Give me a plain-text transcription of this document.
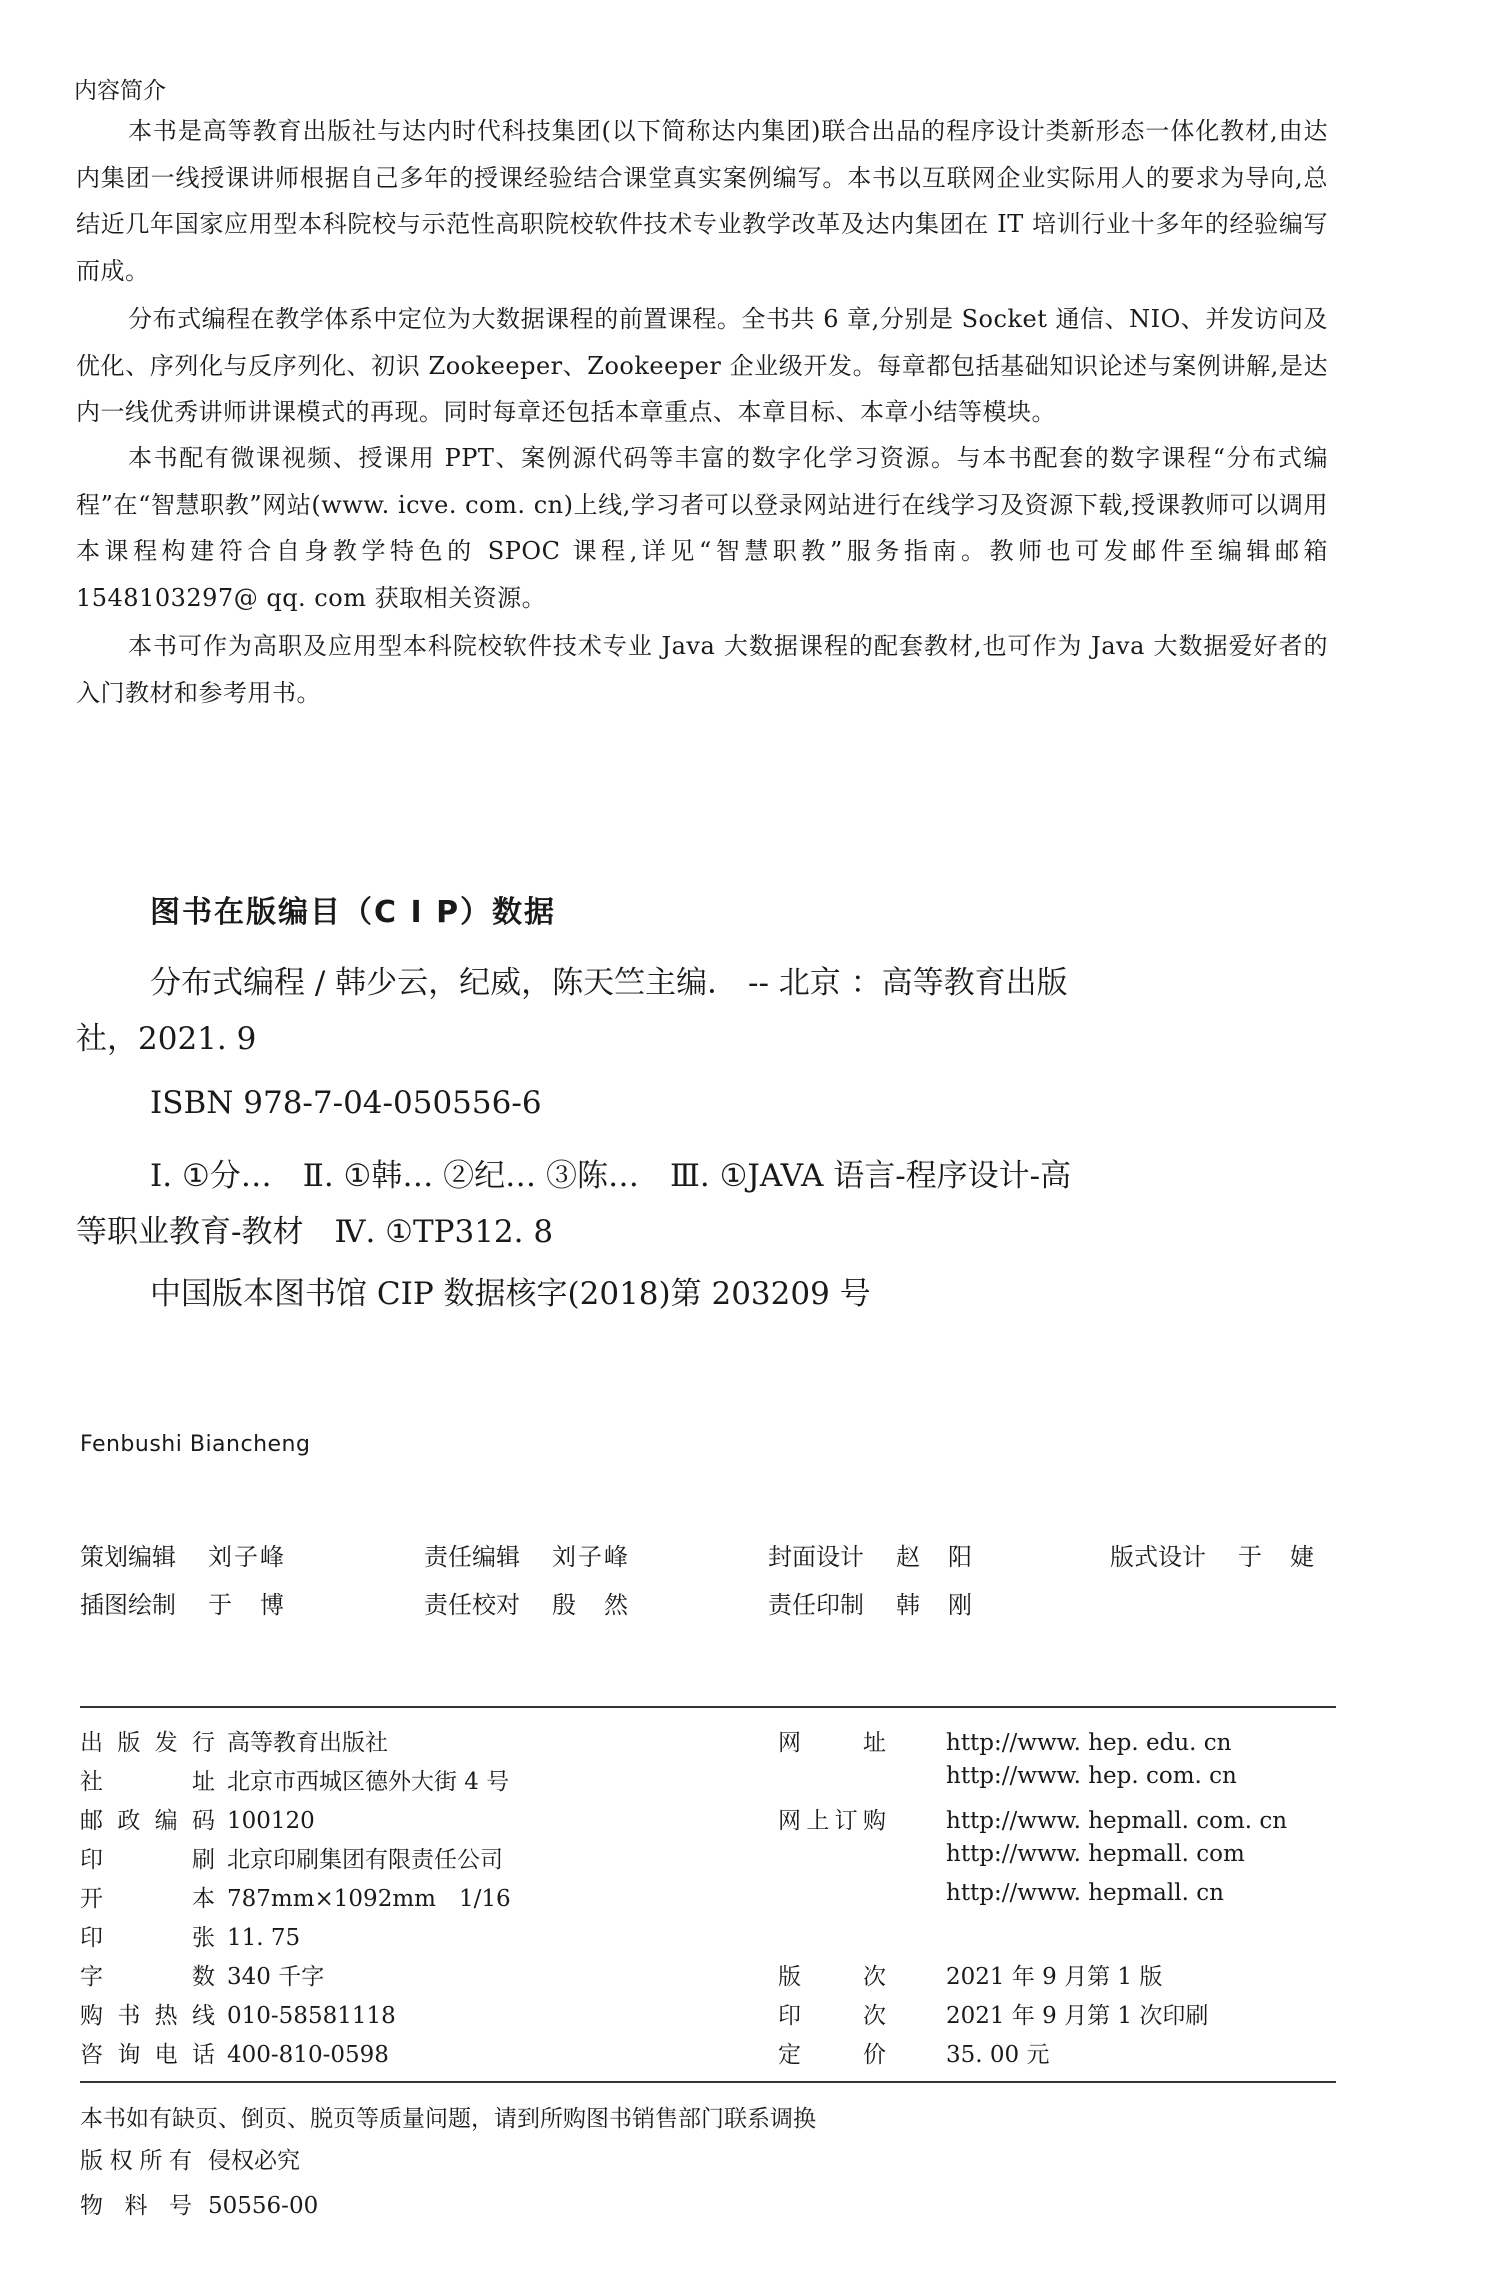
内容简介
本书是高等教育出版社与达内时代科技集团(以下简称达内集团)联合出品的程序设计类新形态一体化教材,由达内集团一线授课讲师根据自己多年的授课经验结合课堂真实案例编写。本书以互联网企业实际用人的要求为导向,总结近几年国家应用型本科院校与示范性高职院校软件技术专业教学改革及达内集团在 IT 培训行业十多年的经验编写而成。
分布式编程在教学体系中定位为大数据课程的前置课程。全书共 6 章,分别是 Socket 通信、NIO、并发访问及优化、序列化与反序列化、初识 Zookeeper、Zookeeper 企业级开发。每章都包括基础知识论述与案例讲解,是达内一线优秀讲师讲课模式的再现。同时每章还包括本章重点、本章目标、本章小结等模块。
本书配有微课视频、授课用 PPT、案例源代码等丰富的数字化学习资源。与本书配套的数字课程“分布式编程”在“智慧职教”网站(www. icve. com. cn)上线,学习者可以登录网站进行在线学习及资源下载,授课教师可以调用本课程构建符合自身教学特色的 SPOC 课程,详见“智慧职教”服务指南。教师也可发邮件至编辑邮箱 1548103297@ qq. com 获取相关资源。
本书可作为高职及应用型本科院校软件技术专业 Java 大数据课程的配套教材,也可作为 Java 大数据爱好者的入门教材和参考用书。
图书在版编目（C I P）数据
分布式编程 / 韩少云，纪威，陈天竺主编． -- 北京 ：高等教育出版社，2021. 9
ISBN 978-7-04-050556-6
Ⅰ. ①分…　Ⅱ. ①韩… ②纪… ③陈…　Ⅲ. ①JAVA 语言-程序设计-高等职业教育-教材　Ⅳ. ①TP312. 8
中国版本图书馆 CIP 数据核字(2018)第 203209 号
Fenbushi Biancheng
策划编辑 刘子峰	责任编辑 刘子峰	封面设计 赵　阳	版式设计 于　婕
插图绘制 于　博	责任校对 殷　然	责任印制 韩　刚
出版发行 高等教育出版社
社址 北京市西城区德外大街 4 号
邮政编码 100120
印刷 北京印刷集团有限责任公司
开本 787mm×1092mm　1/16
印张 11. 75
字数 340 千字
购书热线 010-58581118
咨询电话 400-810-0598
网址	http://www. hep. edu. cn
http://www. hep. com. cn
网上订购	http://www. hepmall. com. cn
http://www. hepmall. com
http://www. hepmall. cn
版次	2021 年 9 月第 1 版
印次	2021 年 9 月第 1 次印刷
定价	35. 00 元
本书如有缺页、倒页、脱页等质量问题，请到所购图书销售部门联系调换
版权所有 侵权必究
物料号 50556-00
